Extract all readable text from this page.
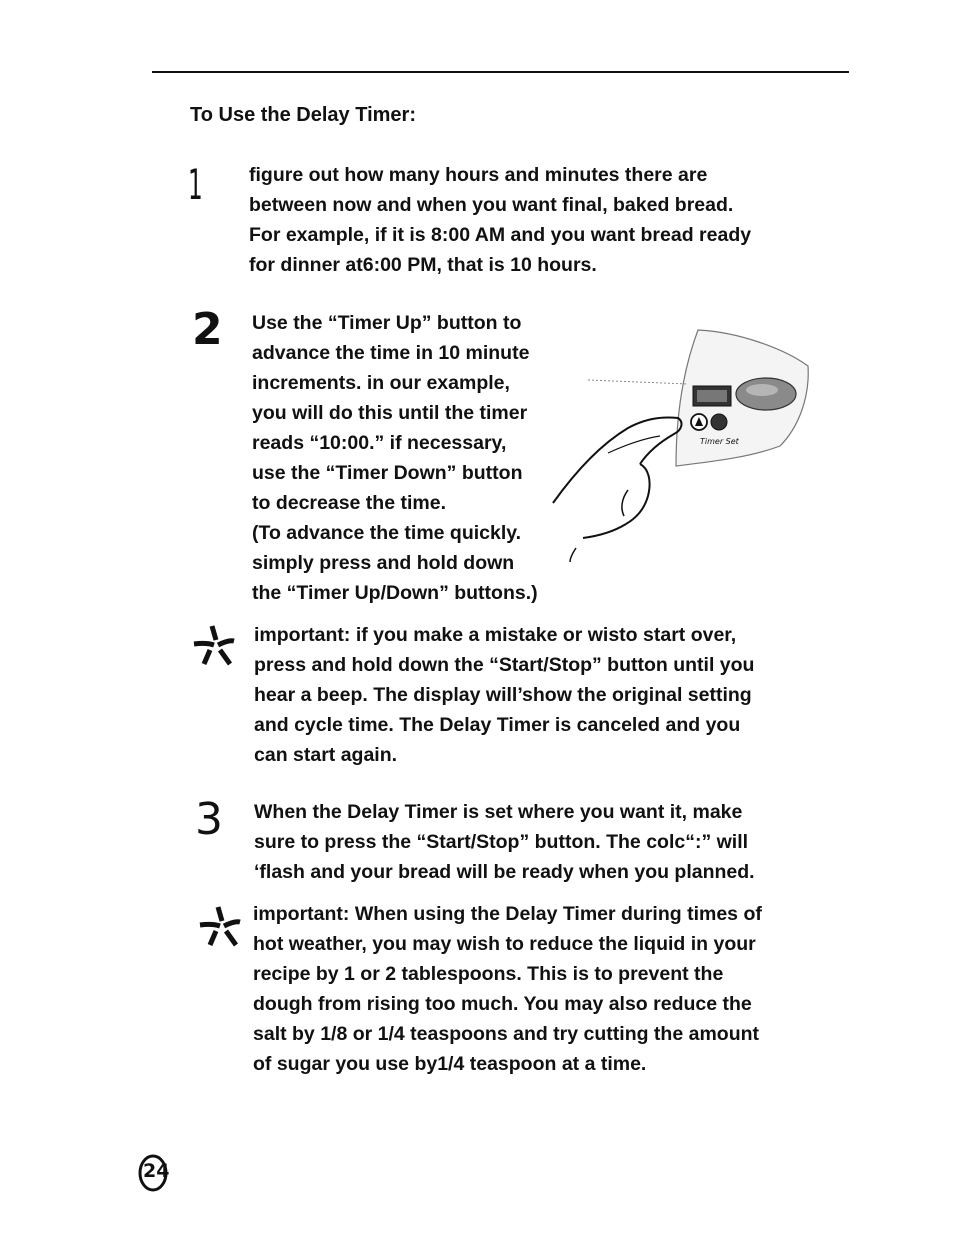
To Use the Delay Timer:
1 figure out how many hours and minutes there are
between now and when you want final, baked bread.
For example, if it is 8:00 AM and you want bread ready
for dinner at6:00 PM, that is 10 hours.
2 Use the “Timer Up” button to
advance the time in 10 minute
increments. in our example,
you will do this until the timer
reads “10:00.” if necessary,
use the “Timer Down” button
to decrease the time.
(To advance the time quickly.
simply press and hold down
the “Timer Up/Down” buttons.)
Timer Set
important: if you make a mistake or wisto start over,
press and hold down the “Start/Stop” button until you
hear a beep. The display will’show the original setting
and cycle time. The Delay Timer is canceled and you
can start again.
3 When the Delay Timer is set where you want it, make
sure to press the “Start/Stop” button. The colc“:” will
‘flash and your bread will be ready when you planned.
important: When using the Delay Timer during times of
hot weather, you may wish to reduce the liquid in your
recipe by 1 or 2 tablespoons. This is to prevent the
dough from rising too much. You may also reduce the
salt by 1/8 or 1/4 teaspoons and try cutting the amount
of sugar you use by1/4 teaspoon at a time.
24
